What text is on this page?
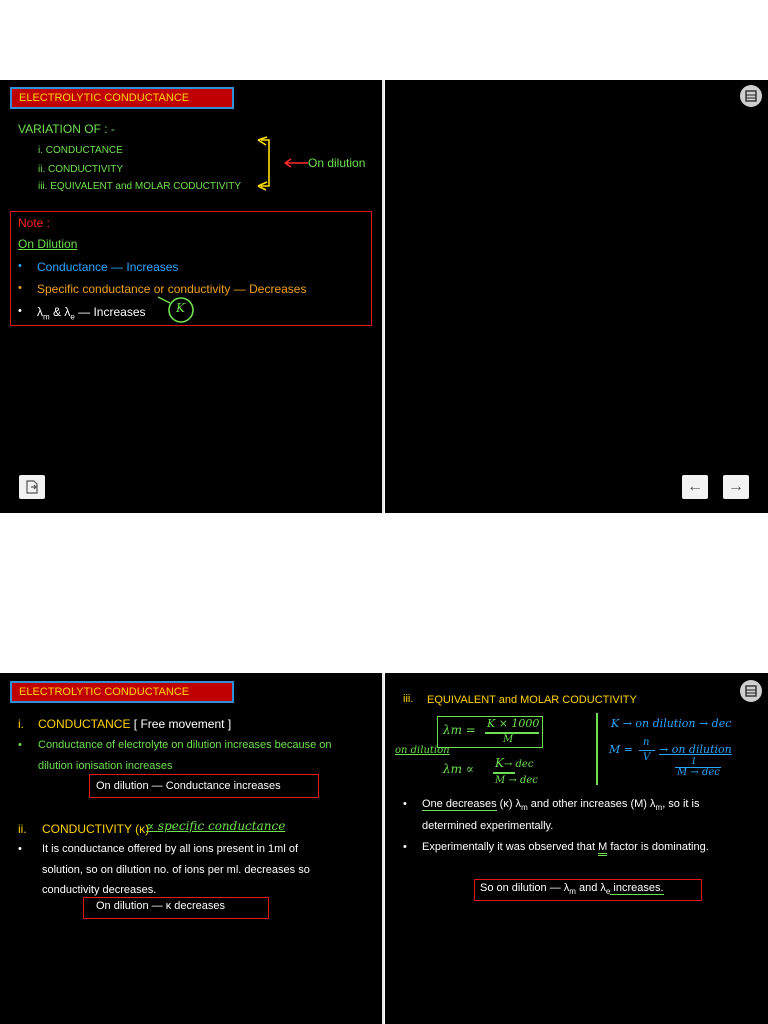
ELECTROLYTIC CONDUCTANCE
VARIATION OF : -
i. CONDUCTANCE
ii. CONDUCTIVITY
iii. EQUIVALENT and MOLAR CODUCTIVITY
On dilution
Note :
On Dilution
• Conductance — Increases
• Specific conductance or conductivity — Decreases
• $\lambda_m$ & $\lambda_e$ — Increases	K
← →
ELECTROLYTIC CONDUCTANCE
i. CONDUCTANCE [ Free movement ]
• Conductance of electrolyte on dilution increases because on
dilution ionisation increases
On dilution — Conductance increases
ii. CONDUCTIVITY (κ)
∝ specific conductance
• It is conductance offered by all ions present in 1ml of
solution, so on dilution no. of ions per ml. decreases so
conductivity decreases.
On dilution — κ decreases
iii. EQUIVALENT and MOLAR CODUCTIVITY
λm = K × 1000
M
on dilution
λm ∝ K→ dec
M → dec
K → on dilution → dec
M =
n
V
→ on dilution
1
M → dec
• One decreases (κ) $\lambda_m$ and other increases (M) $\lambda_m$, so it is
determined experimentally.
• Experimentally it was observed that M factor is dominating.
So on dilution — $\lambda_m$ and $\lambda_e$ increases.
